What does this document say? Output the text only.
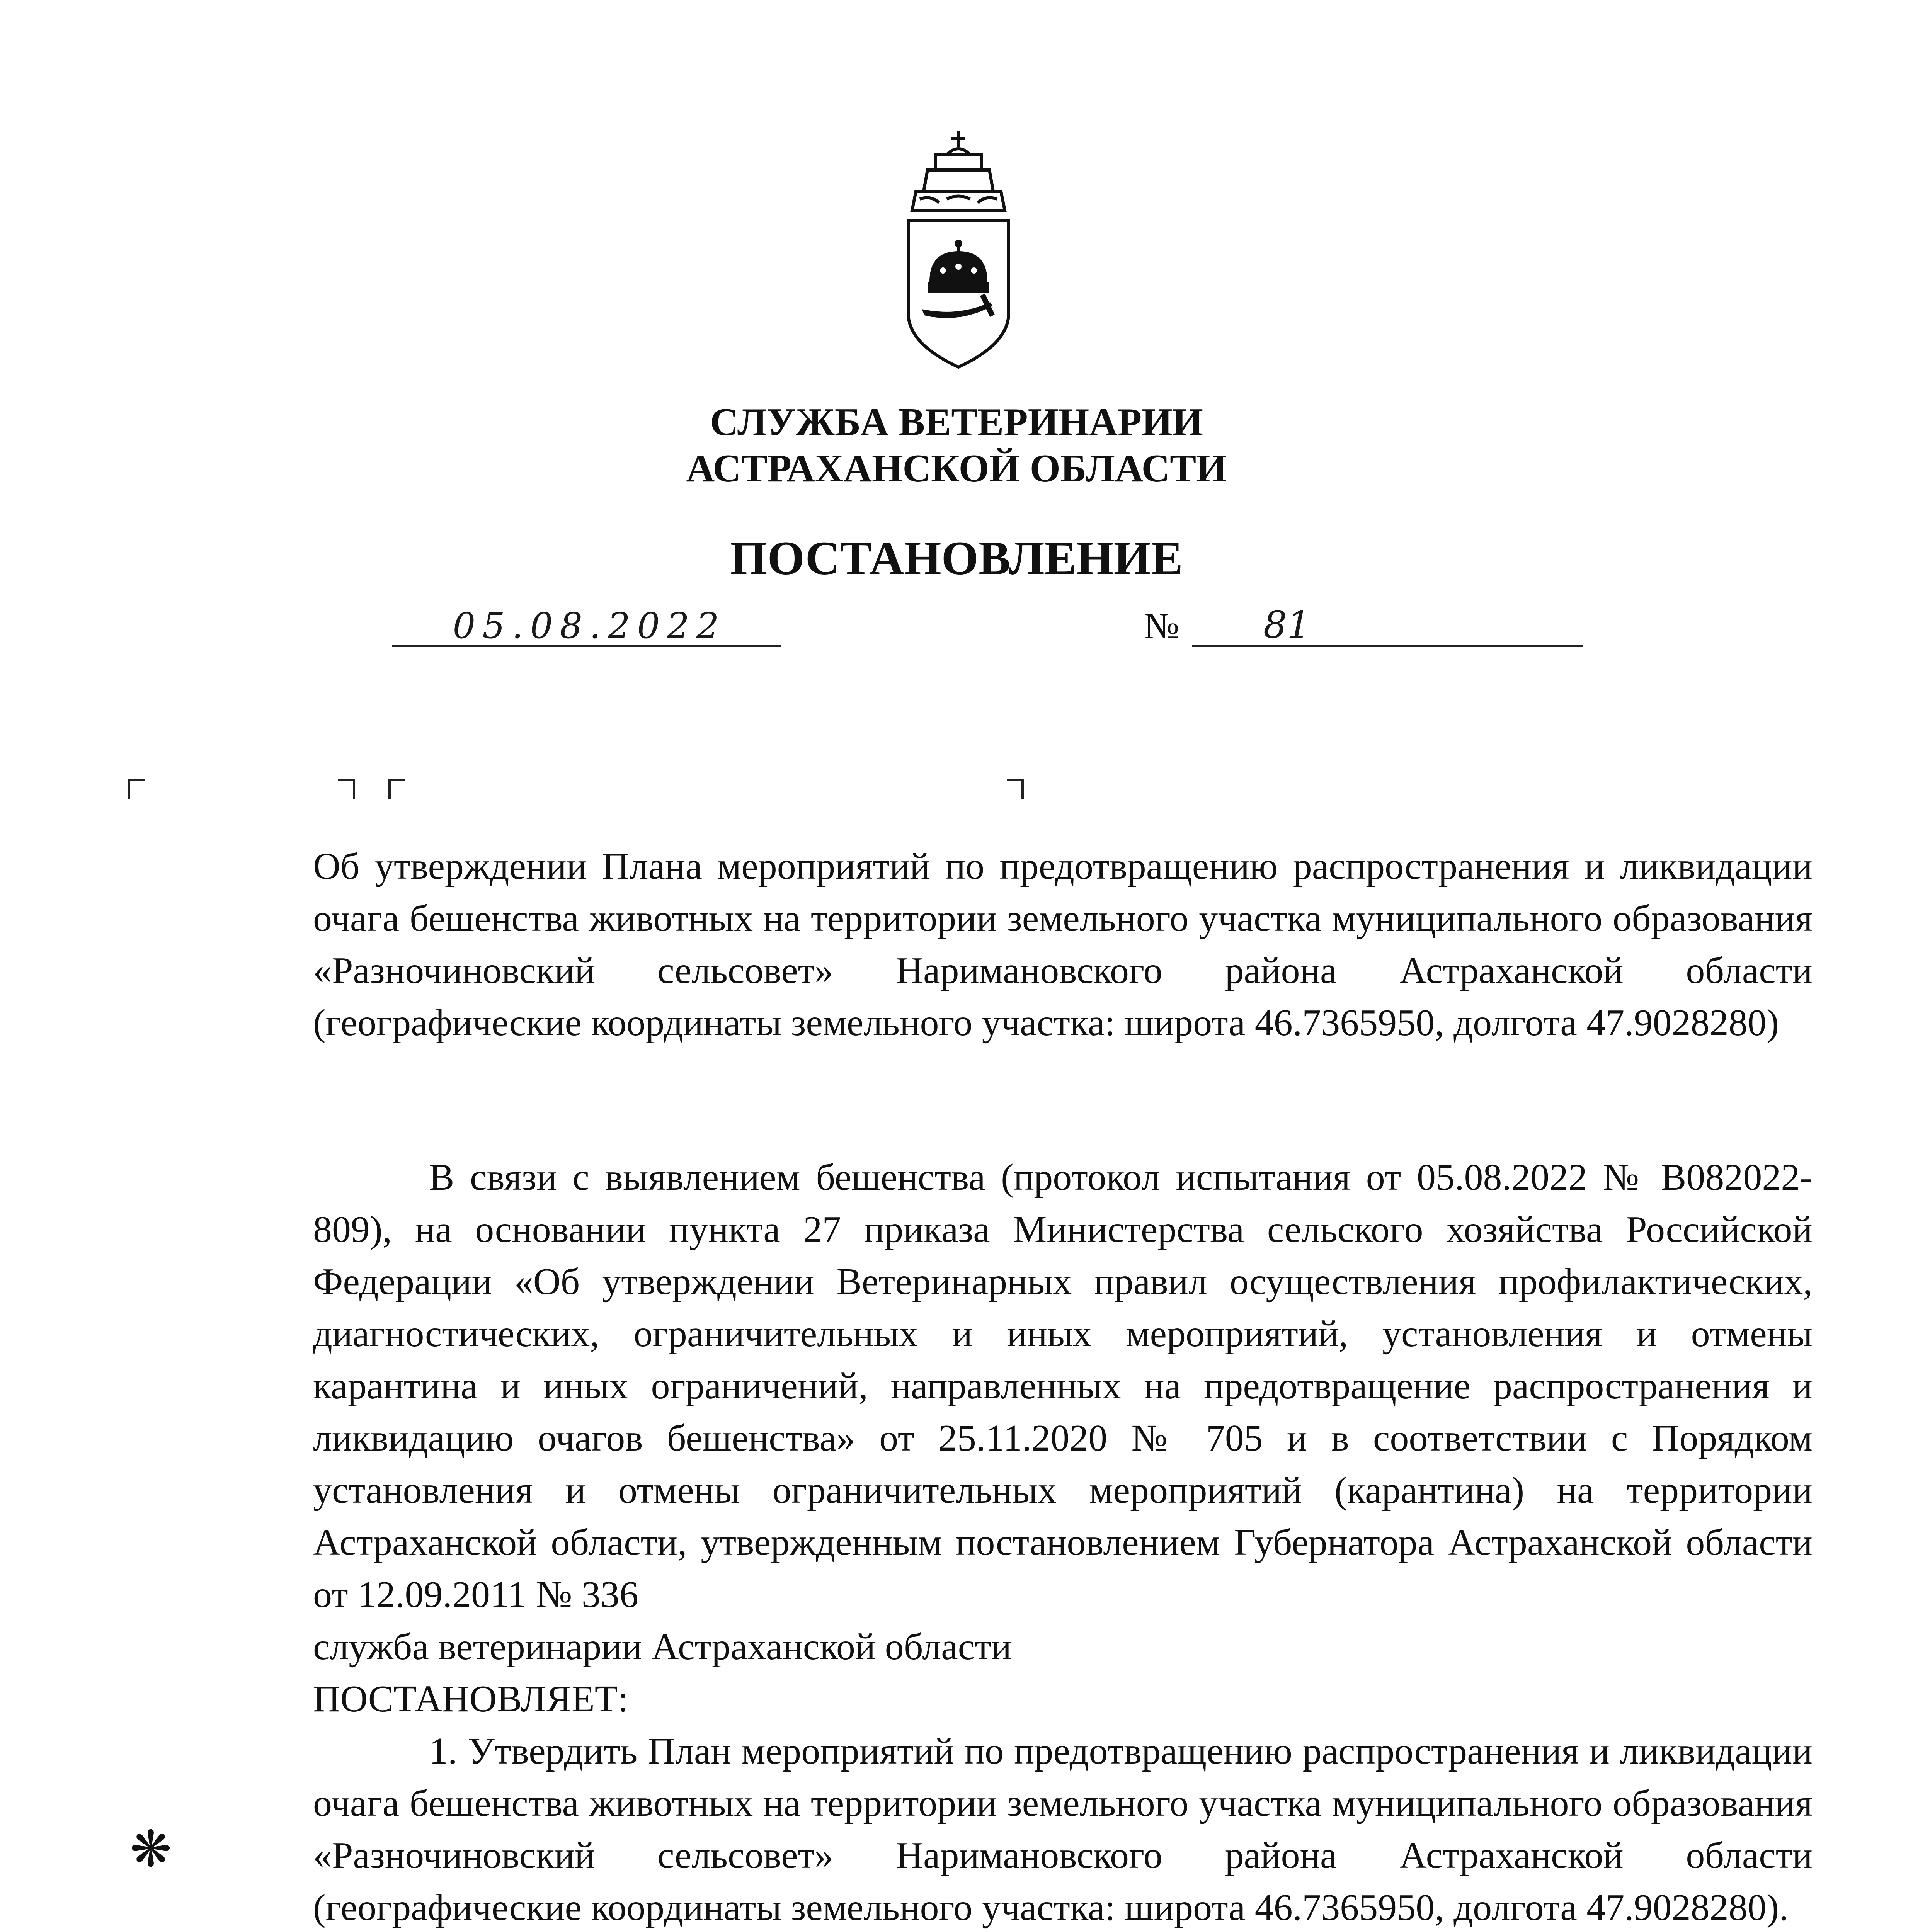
СЛУЖБА ВЕТЕРИНАРИИ
АСТРАХАНСКОЙ ОБЛАСТИ
ПОСТАНОВЛЕНИЕ
05.08.2022	№	81

Об утверждении Плана мероприятий по предотвращению распространения и ликвидации очага бешенства животных на территории земельного участка муниципального образования «Разночиновский сельсовет» Наримановского района Астраханской области (географические координаты земельного участка: широта 46.7365950, долгота 47.9028280)

В связи с выявлением бешенства (протокол испытания от 05.08.2022 № В082022-809), на основании пункта 27 приказа Министерства сельского хозяйства Российской Федерации «Об утверждении Ветеринарных правил осуществления профилактических, диагностических, ограничительных и иных мероприятий, установления и отмены карантина и иных ограничений, направленных на предотвращение распространения и ликвидацию очагов бешенства» от 25.11.2020 № 705 и в соответствии с Порядком установления и отмены ограничительных мероприятий (карантина) на территории Астраханской области, утвержденным постановлением Губернатора Астраханской области от 12.09.2011 № 336

служба ветеринарии Астраханской области

ПОСТАНОВЛЯЕТ:

1. Утвердить План мероприятий по предотвращению распространения и ликвидации очага бешенства животных на территории земельного участка муниципального образования «Разночиновский сельсовет» Наримановского района Астраханской области (географические координаты земельного участка: широта 46.7365950, долгота 47.9028280).

❋
